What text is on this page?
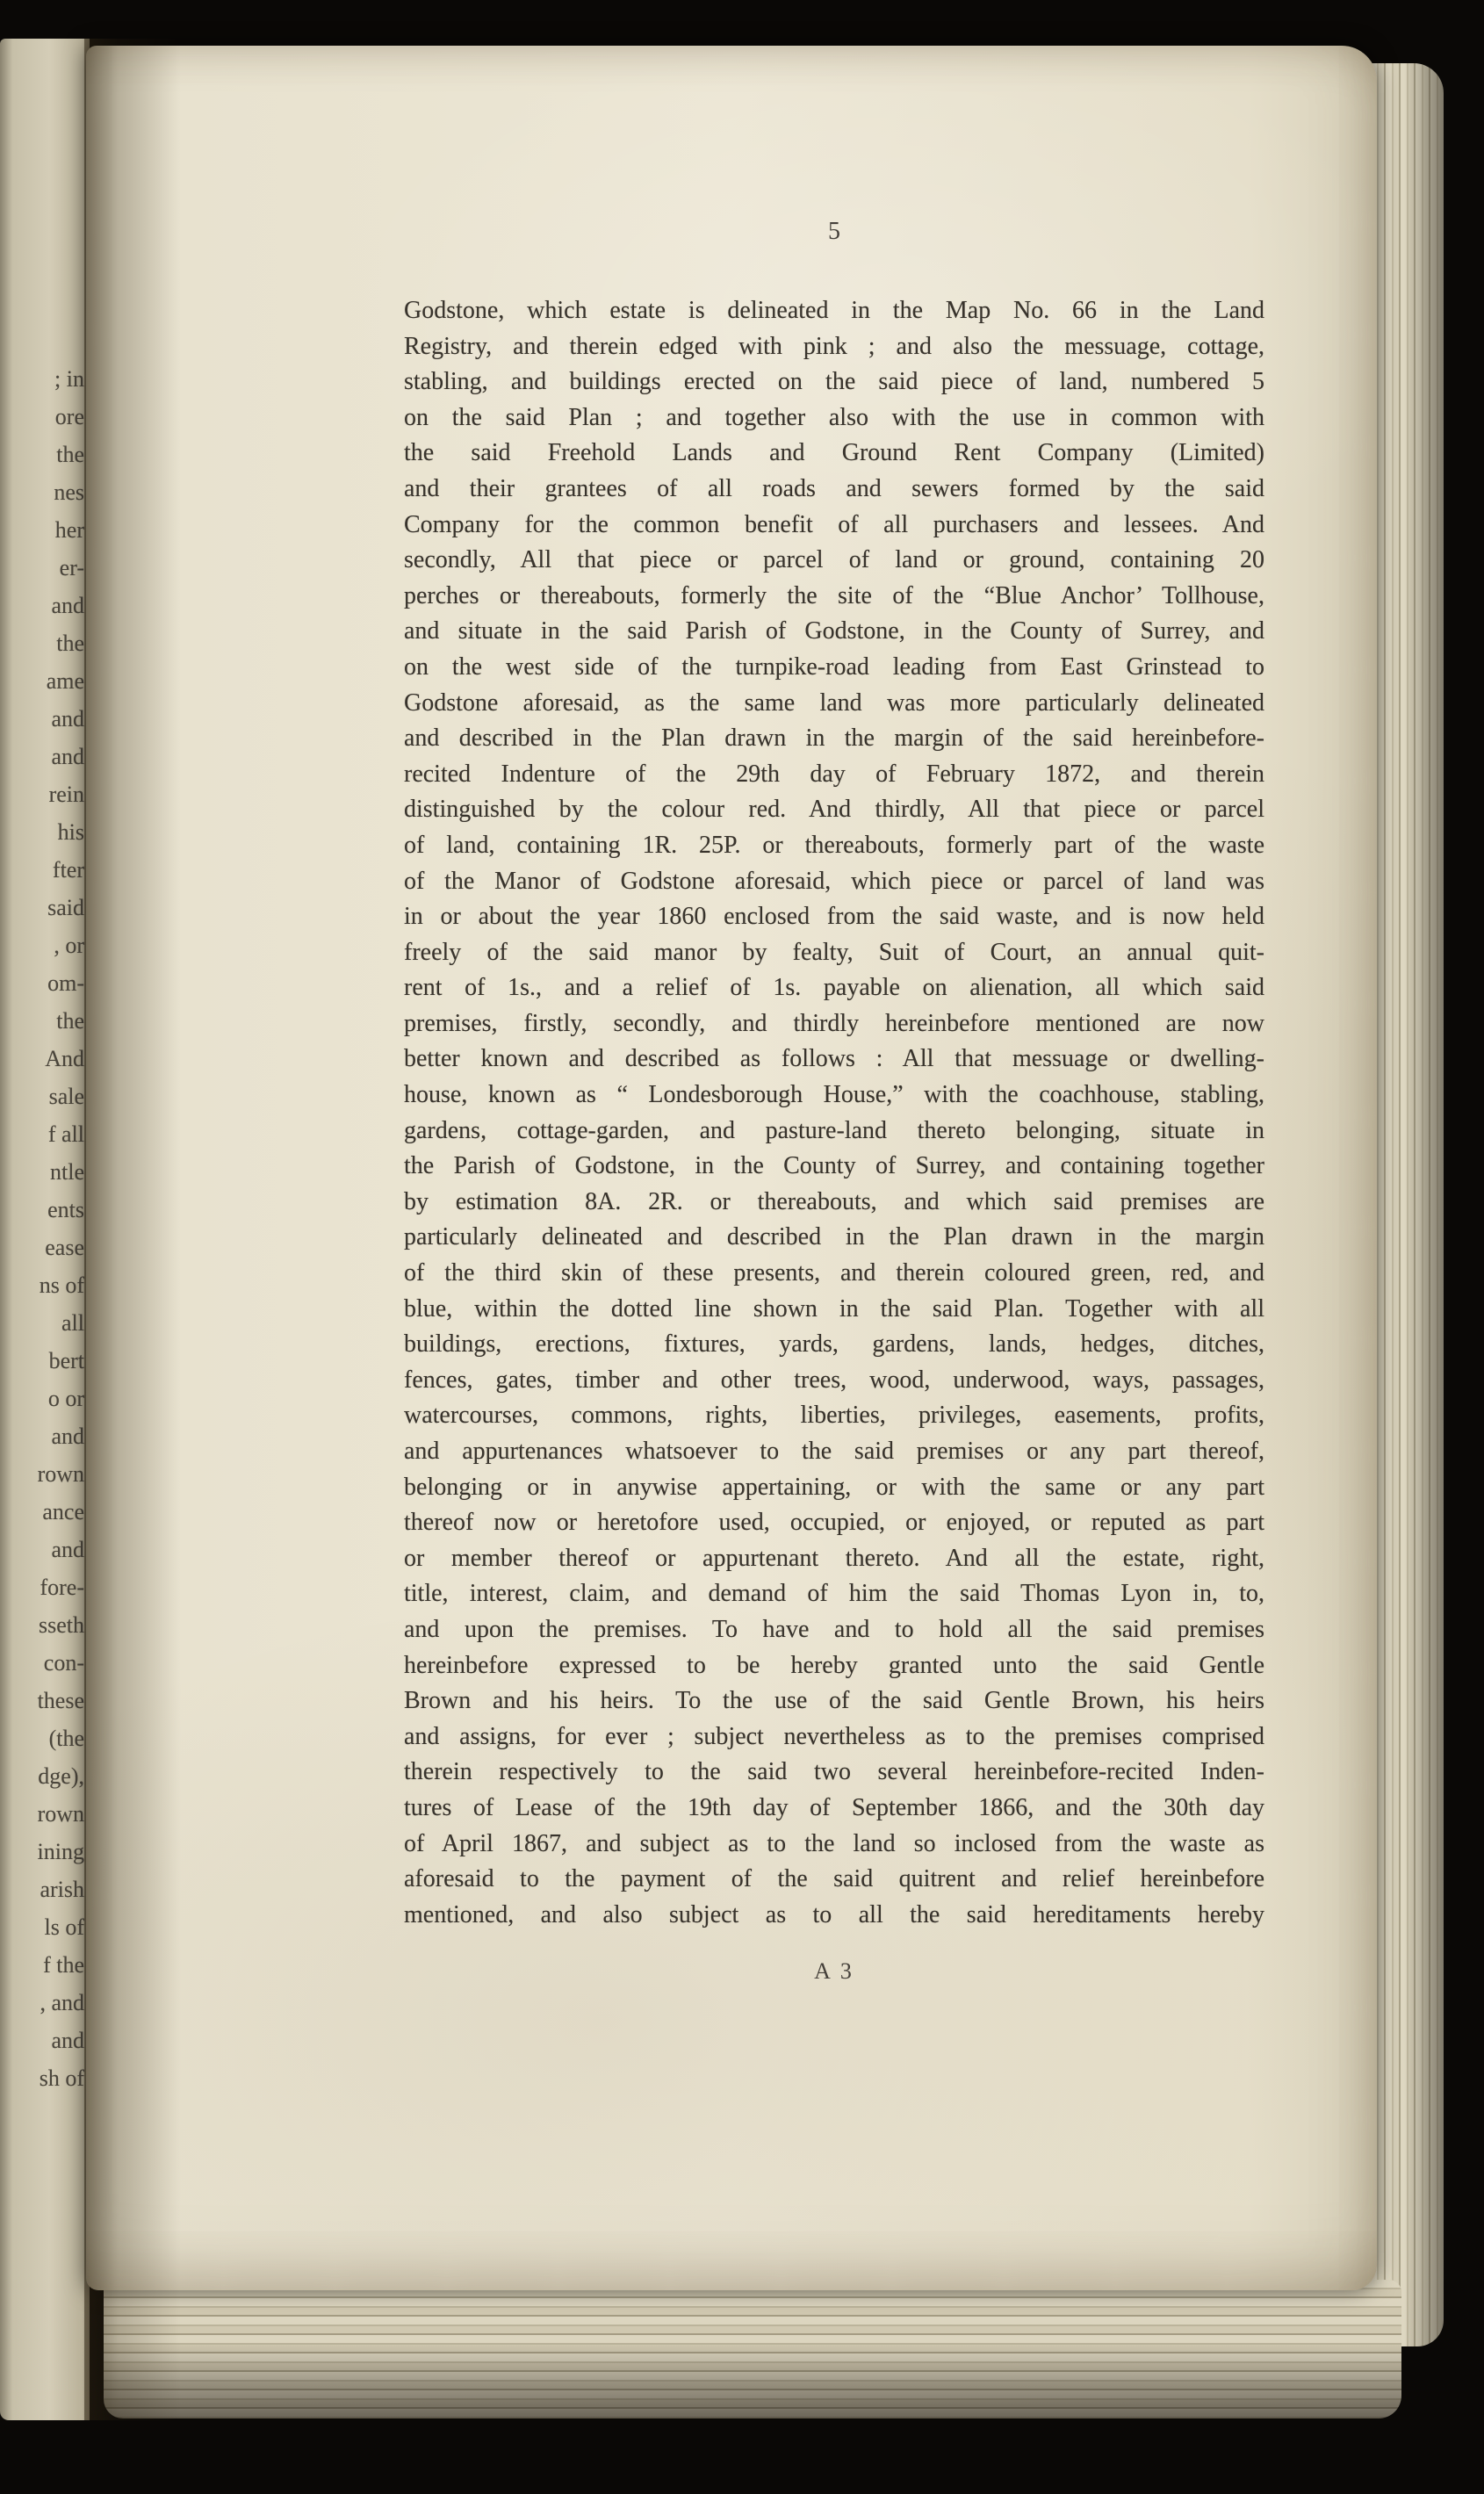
; in
ore
the
nes
her
er-
and
the
ame
and
and
rein
his
fter
said
, or
om-
the
And
sale
f all
ntle
ents
ease
ns of
all
bert
o or
and
rown
ance
and
fore-
sseth
con-
these
(the
dge),
rown
ining
arish
ls of
f the
, and
and
sh of
5
Godstone, which estate is delineated in the Map No. 66 in the Land
Registry, and therein edged with pink ; and also the messuage, cottage,
stabling, and buildings erected on the said piece of land, numbered 5
on the said Plan ; and together also with the use in common with
the said Freehold Lands and Ground Rent Company (Limited)
and their grantees of all roads and sewers formed by the said
Company for the common benefit of all purchasers and lessees. And
secondly, All that piece or parcel of land or ground, containing 20
perches or thereabouts, formerly the site of the “Blue Anchor’ Tollhouse,
and situate in the said Parish of Godstone, in the County of Surrey, and
on the west side of the turnpike-road leading from East Grinstead to
Godstone aforesaid, as the same land was more particularly delineated
and described in the Plan drawn in the margin of the said hereinbefore-
recited Indenture of the 29th day of February 1872, and therein
distinguished by the colour red. And thirdly, All that piece or parcel
of land, containing 1R. 25P. or thereabouts, formerly part of the waste
of the Manor of Godstone aforesaid, which piece or parcel of land was
in or about the year 1860 enclosed from the said waste, and is now held
freely of the said manor by fealty, Suit of Court, an annual quit-
rent of 1s., and a relief of 1s. payable on alienation, all which said
premises, firstly, secondly, and thirdly hereinbefore mentioned are now
better known and described as follows : All that messuage or dwelling-
house, known as “ Londesborough House,” with the coachhouse, stabling,
gardens, cottage-garden, and pasture-land thereto belonging, situate in
the Parish of Godstone, in the County of Surrey, and containing together
by estimation 8A. 2R. or thereabouts, and which said premises are
particularly delineated and described in the Plan drawn in the margin
of the third skin of these presents, and therein coloured green, red, and
blue, within the dotted line shown in the said Plan. Together with all
buildings, erections, fixtures, yards, gardens, lands, hedges, ditches,
fences, gates, timber and other trees, wood, underwood, ways, passages,
watercourses, commons, rights, liberties, privileges, easements, profits,
and appurtenances whatsoever to the said premises or any part thereof,
belonging or in anywise appertaining, or with the same or any part
thereof now or heretofore used, occupied, or enjoyed, or reputed as part
or member thereof or appurtenant thereto. And all the estate, right,
title, interest, claim, and demand of him the said Thomas Lyon in, to,
and upon the premises. To have and to hold all the said premises
hereinbefore expressed to be hereby granted unto the said Gentle
Brown and his heirs. To the use of the said Gentle Brown, his heirs
and assigns, for ever ; subject nevertheless as to the premises comprised
therein respectively to the said two several hereinbefore-recited Inden-
tures of Lease of the 19th day of September 1866, and the 30th day
of April 1867, and subject as to the land so inclosed from the waste as
aforesaid to the payment of the said quitrent and relief hereinbefore
mentioned, and also subject as to all the said hereditaments hereby
A 3
